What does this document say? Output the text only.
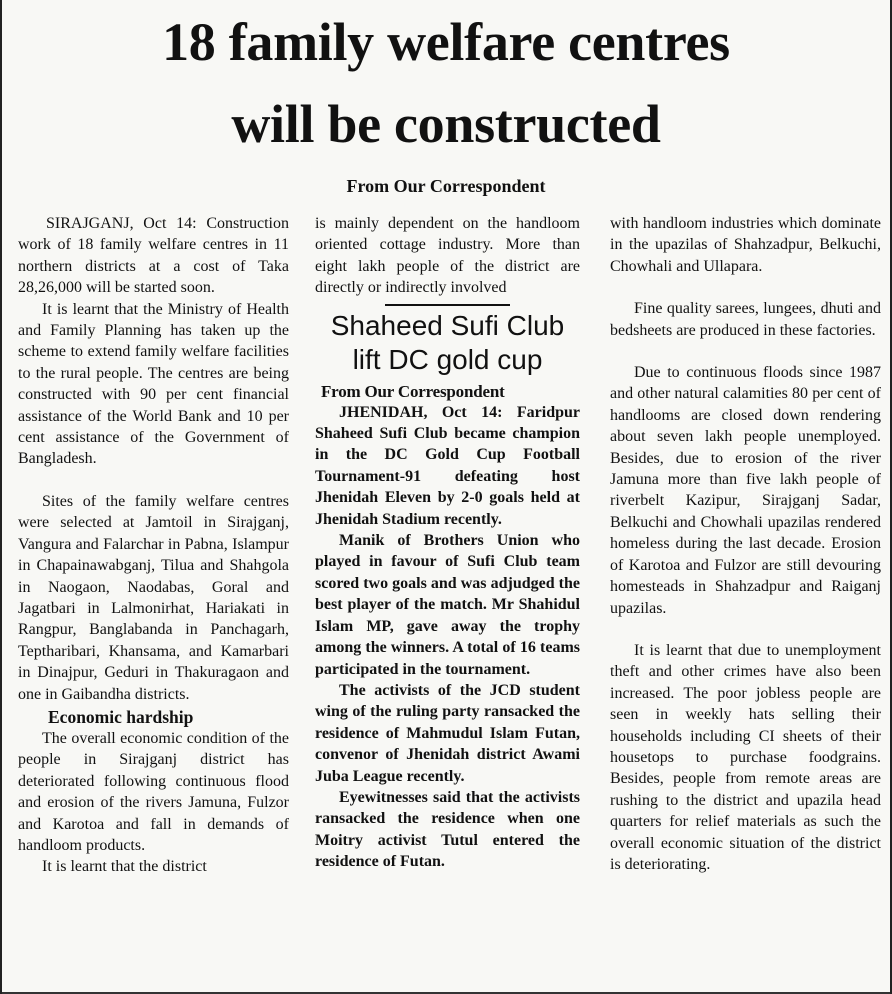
18 family welfare centres
will be constructed
From Our Correspondent

SIRAJGANJ, Oct 14: Construction work of 18 family welfare centres in 11 northern districts at a cost of Taka 28,26,000 will be started soon.

It is learnt that the Ministry of Health and Family Planning has taken up the scheme to extend family welfare facilities to the rural people. The centres are being constructed with 90 per cent financial assistance of the World Bank and 10 per cent assistance of the Government of Bangladesh.

Sites of the family welfare centres were selected at Jamtoil in Sirajganj, Vangura and Falarchar in Pabna, Islampur in Chapainawabganj, Tilua and Shahgola in Naogaon, Naodabas, Goral and Jagatbari in Lalmonirhat, Hariakati in Rangpur, Banglabanda in Panchagarh, Teptharibari, Khansama, and Kamarbari in Dinajpur, Geduri in Thakuragaon and one in Gaibandha districts.

Economic hardship

The overall economic condition of the people in Sirajganj district has deteriorated following continuous flood and erosion of the rivers Jamuna, Fulzor and Karotoa and fall in demands of handloom products.

It is learnt that the district

is mainly dependent on the handloom oriented cottage industry. More than eight lakh people of the district are directly or indirectly involved

Shaheed Sufi Club lift DC gold cup
From Our Correspondent

JHENIDAH, Oct 14: Faridpur Shaheed Sufi Club became champion in the DC Gold Cup Football Tournament-91 defeating host Jhenidah Eleven by 2-0 goals held at Jhenidah Stadium recently.

Manik of Brothers Union who played in favour of Sufi Club team scored two goals and was adjudged the best player of the match. Mr Shahidul Islam MP, gave away the trophy among the winners. A total of 16 teams participated in the tournament.

The activists of the JCD student wing of the ruling party ransacked the residence of Mahmudul Islam Futan, convenor of Jhenidah district Awami Juba League recently.

Eyewitnesses said that the activists ransacked the residence when one Moitry activist Tutul entered the residence of Futan.

with handloom industries which dominate in the upazilas of Shahzadpur, Belkuchi, Chowhali and Ullapara.

Fine quality sarees, lungees, dhuti and bedsheets are produced in these factories.

Due to continuous floods since 1987 and other natural calamities 80 per cent of handlooms are closed down rendering about seven lakh people unemployed. Besides, due to erosion of the river Jamuna more than five lakh people of riverbelt Kazipur, Sirajganj Sadar, Belkuchi and Chowhali upazilas rendered homeless during the last decade. Erosion of Karotoa and Fulzor are still devouring homesteads in Shahzadpur and Raiganj upazilas.

It is learnt that due to unemployment theft and other crimes have also been increased. The poor jobless people are seen in weekly hats selling their households including CI sheets of their housetops to purchase foodgrains. Besides, people from remote areas are rushing to the district and upazila head quarters for relief materials as such the overall economic situation of the district is deteriorating.
